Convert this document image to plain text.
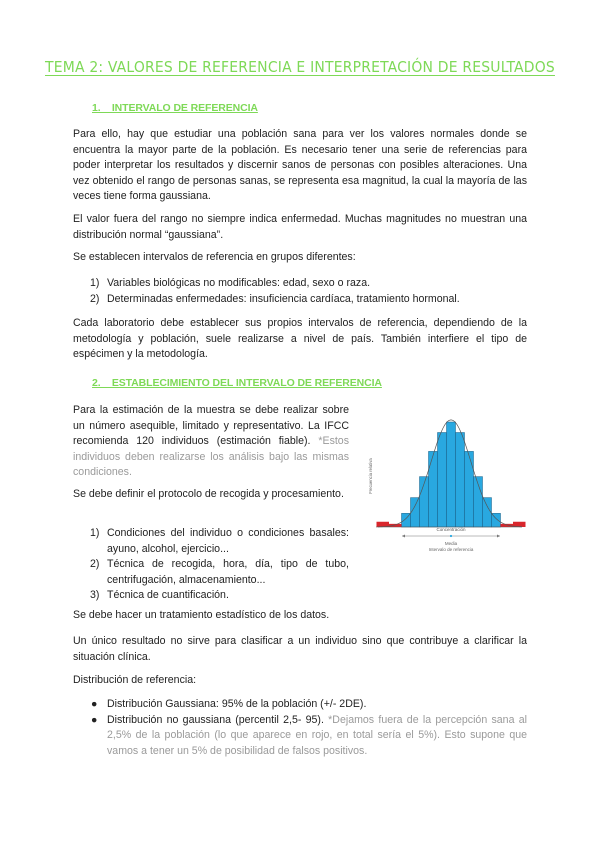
TEMA 2: VALORES DE REFERENCIA E INTERPRETACIÓN DE RESULTADOS
1.    INTERVALO DE REFERENCIA

Para ello, hay que estudiar una población sana para ver los valores normales donde se encuentra la mayor parte de la población. Es necesario tener una serie de referencias para poder interpretar los resultados y discernir sanos de personas con posibles alteraciones. Una vez obtenido el rango de personas sanas, se representa esa magnitud, la cual la mayoría de las veces tiene forma gaussiana.

El valor fuera del rango no siempre indica enfermedad. Muchas magnitudes no muestran una distribución normal “gaussiana”.

Se establecen intervalos de referencia en grupos diferentes:

1) Variables biológicas no modificables: edad, sexo o raza.
2) Determinadas enfermedades: insuficiencia cardíaca, tratamiento hormonal.

Cada laboratorio debe establecer sus propios intervalos de referencia, dependiendo de la metodología y población, suele realizarse a nivel de país. También interfiere el tipo de espécimen y la metodología.

2.    ESTABLECIMIENTO DEL INTERVALO DE REFERENCIA

Para la estimación de la muestra se debe realizar sobre un número asequible, limitado y representativo. La IFCC recomienda 120 individuos (estimación fiable). *Estos individuos deben realizarse los análisis bajo las mismas condiciones.

Se debe definir el protocolo de recogida y procesamiento.

1) Condiciones del individuo o condiciones basales: ayuno, alcohol, ejercicio...
2) Técnica de recogida, hora, día, tipo de tubo, centrifugación, almacenamiento...
3) Técnica de cuantificación.

Se debe hacer un tratamiento estadístico de los datos.

Un único resultado no sirve para clasificar a un individuo sino que contribuye a clarificar la situación clínica.

Distribución de referencia:

● Distribución Gaussiana: 95% de la población (+/- 2DE).
● Distribución no gaussiana (percentil 2,5- 95). *Dejamos fuera de la percepción sana al 2,5% de la población (lo que aparece en rojo, en total sería el 5%). Esto supone que vamos a tener un 5% de posibilidad de falsos positivos.
Concentración
Media
Intervalo de referencia
Frecuencia relativa
